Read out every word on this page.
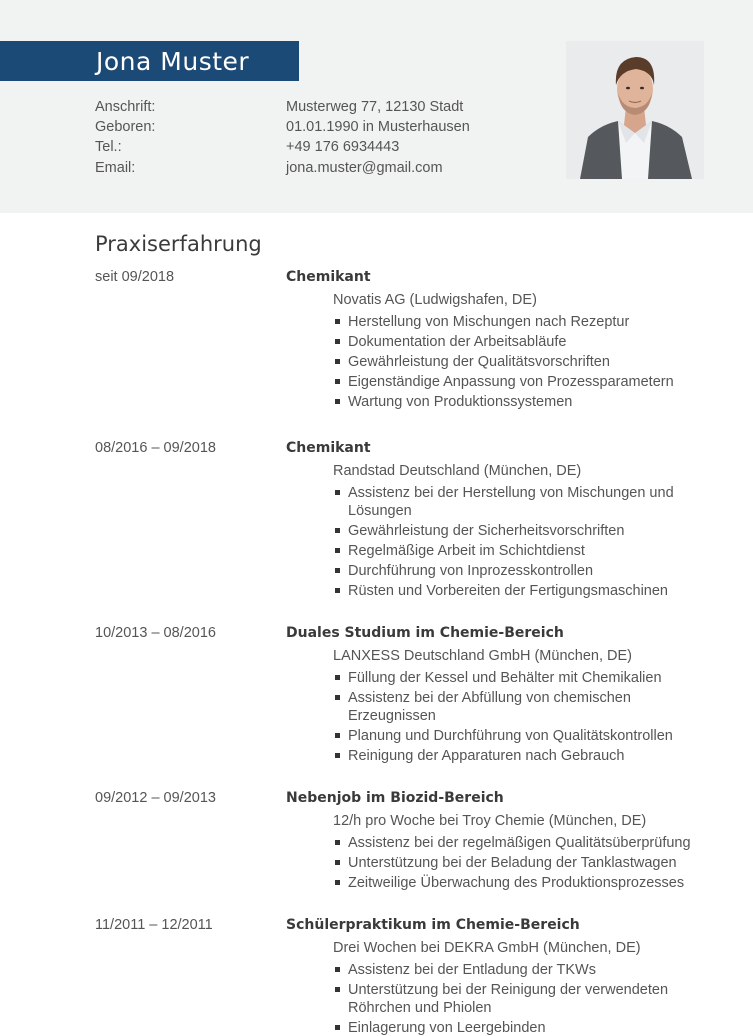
Jona Muster
Anschrift:	Musterweg 77, 12130 Stadt
Geboren:	01.01.1990 in Musterhausen
Tel.:	+49 176 6934443
Email:	jona.muster@gmail.com
Praxiserfahrung
seit 09/2018	Chemikant
Novatis AG (Ludwigshafen, DE)
Herstellung von Mischungen nach Rezeptur
Dokumentation der Arbeitsabläufe
Gewährleistung der Qualitätsvorschriften
Eigenständige Anpassung von Prozessparametern
Wartung von Produktionssystemen
08/2016 – 09/2018	Chemikant
Randstad Deutschland (München, DE)
Assistenz bei der Herstellung von Mischungen und Lösungen
Gewährleistung der Sicherheitsvorschriften
Regelmäßige Arbeit im Schichtdienst
Durchführung von Inprozesskontrollen
Rüsten und Vorbereiten der Fertigungsmaschinen
10/2013 – 08/2016	Duales Studium im Chemie-Bereich
LANXESS Deutschland GmbH (München, DE)
Füllung der Kessel und Behälter mit Chemikalien
Assistenz bei der Abfüllung von chemischen Erzeugnissen
Planung und Durchführung von Qualitätskontrollen
Reinigung der Apparaturen nach Gebrauch
09/2012 – 09/2013	Nebenjob im Biozid-Bereich
12/h pro Woche bei Troy Chemie (München, DE)
Assistenz bei der regelmäßigen Qualitätsüberprüfung
Unterstützung bei der Beladung der Tanklastwagen
Zeitweilige Überwachung des Produktionsprozesses
11/2011 – 12/2011	Schülerpraktikum im Chemie-Bereich
Drei Wochen bei DEKRA GmbH (München, DE)
Assistenz bei der Entladung der TKWs
Unterstützung bei der Reinigung der verwendeten Röhrchen und Phiolen
Einlagerung von Leergebinden
